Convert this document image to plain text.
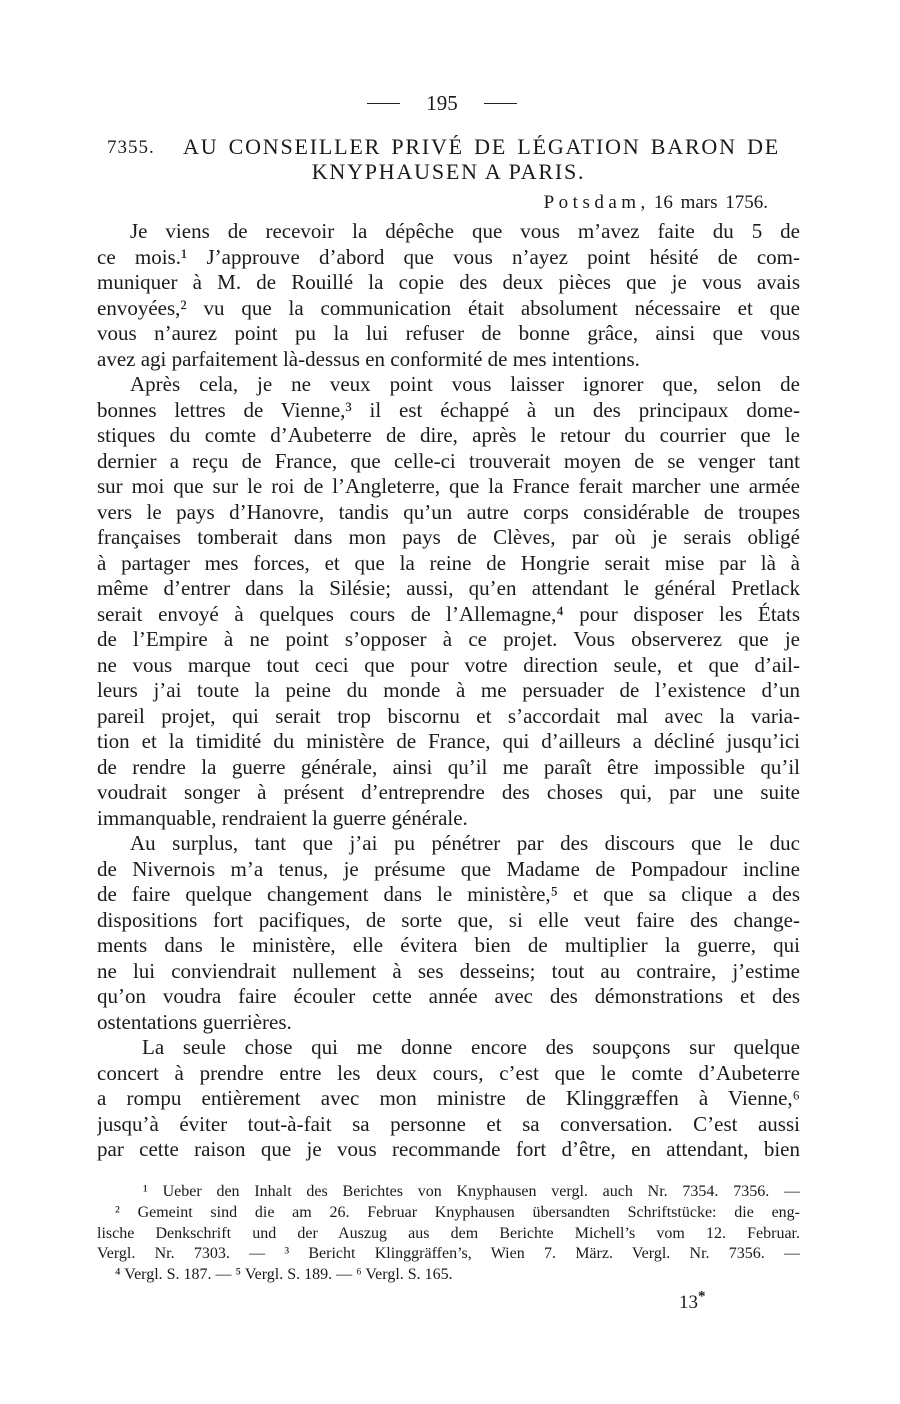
195
7355. AU CONSEILLER PRIVÉ DE LÉGATION BARON DE
KNYPHAUSEN A PARIS.
Potsdam, 16 mars 1756.
Je viens de recevoir la dépêche que vous m’avez faite du 5 de
ce mois.¹ J’approuve d’abord que vous n’ayez point hésité de com-
muniquer à M. de Rouillé la copie des deux pièces que je vous avais
envoyées,² vu que la communication était absolument nécessaire et que
vous n’aurez point pu la lui refuser de bonne grâce, ainsi que vous
avez agi parfaitement là-dessus en conformité de mes intentions.
Après cela, je ne veux point vous laisser ignorer que, selon de
bonnes lettres de Vienne,³ il est échappé à un des principaux dome-
stiques du comte d’Aubeterre de dire, après le retour du courrier que le
dernier a reçu de France, que celle-ci trouverait moyen de se venger tant
sur moi que sur le roi de l’Angleterre, que la France ferait marcher une armée
vers le pays d’Hanovre, tandis qu’un autre corps considérable de troupes
françaises tomberait dans mon pays de Clèves, par où je serais obligé
à partager mes forces, et que la reine de Hongrie serait mise par là à
même d’entrer dans la Silésie; aussi, qu’en attendant le général Pretlack
serait envoyé à quelques cours de l’Allemagne,⁴ pour disposer les États
de l’Empire à ne point s’opposer à ce projet. Vous observerez que je
ne vous marque tout ceci que pour votre direction seule, et que d’ail-
leurs j’ai toute la peine du monde à me persuader de l’existence d’un
pareil projet, qui serait trop biscornu et s’accordait mal avec la varia-
tion et la timidité du ministère de France, qui d’ailleurs a décliné jusqu’ici
de rendre la guerre générale, ainsi qu’il me paraît être impossible qu’il
voudrait songer à présent d’entreprendre des choses qui, par une suite
immanquable, rendraient la guerre générale.
Au surplus, tant que j’ai pu pénétrer par des discours que le duc
de Nivernois m’a tenus, je présume que Madame de Pompadour incline
de faire quelque changement dans le ministère,⁵ et que sa clique a des
dispositions fort pacifiques, de sorte que, si elle veut faire des change-
ments dans le ministère, elle évitera bien de multiplier la guerre, qui
ne lui conviendrait nullement à ses desseins; tout au contraire, j’estime
qu’on voudra faire écouler cette année avec des démonstrations et des
ostentations guerrières.
La seule chose qui me donne encore des soupçons sur quelque
concert à prendre entre les deux cours, c’est que le comte d’Aubeterre
a rompu entièrement avec mon ministre de Klinggræffen à Vienne,⁶
jusqu’à éviter tout-à-fait sa personne et sa conversation. C’est aussi
par cette raison que je vous recommande fort d’être, en attendant, bien
¹ Ueber den Inhalt des Berichtes von Knyphausen vergl. auch Nr. 7354. 7356. —
² Gemeint sind die am 26. Februar Knyphausen übersandten Schriftstücke: die eng-
lische Denkschrift und der Auszug aus dem Berichte Michell’s vom 12. Februar.
Vergl. Nr. 7303. — ³ Bericht Klinggräffen’s, Wien 7. März. Vergl. Nr. 7356. —
⁴ Vergl. S. 187. — ⁵ Vergl. S. 189. — ⁶ Vergl. S. 165.
13*
